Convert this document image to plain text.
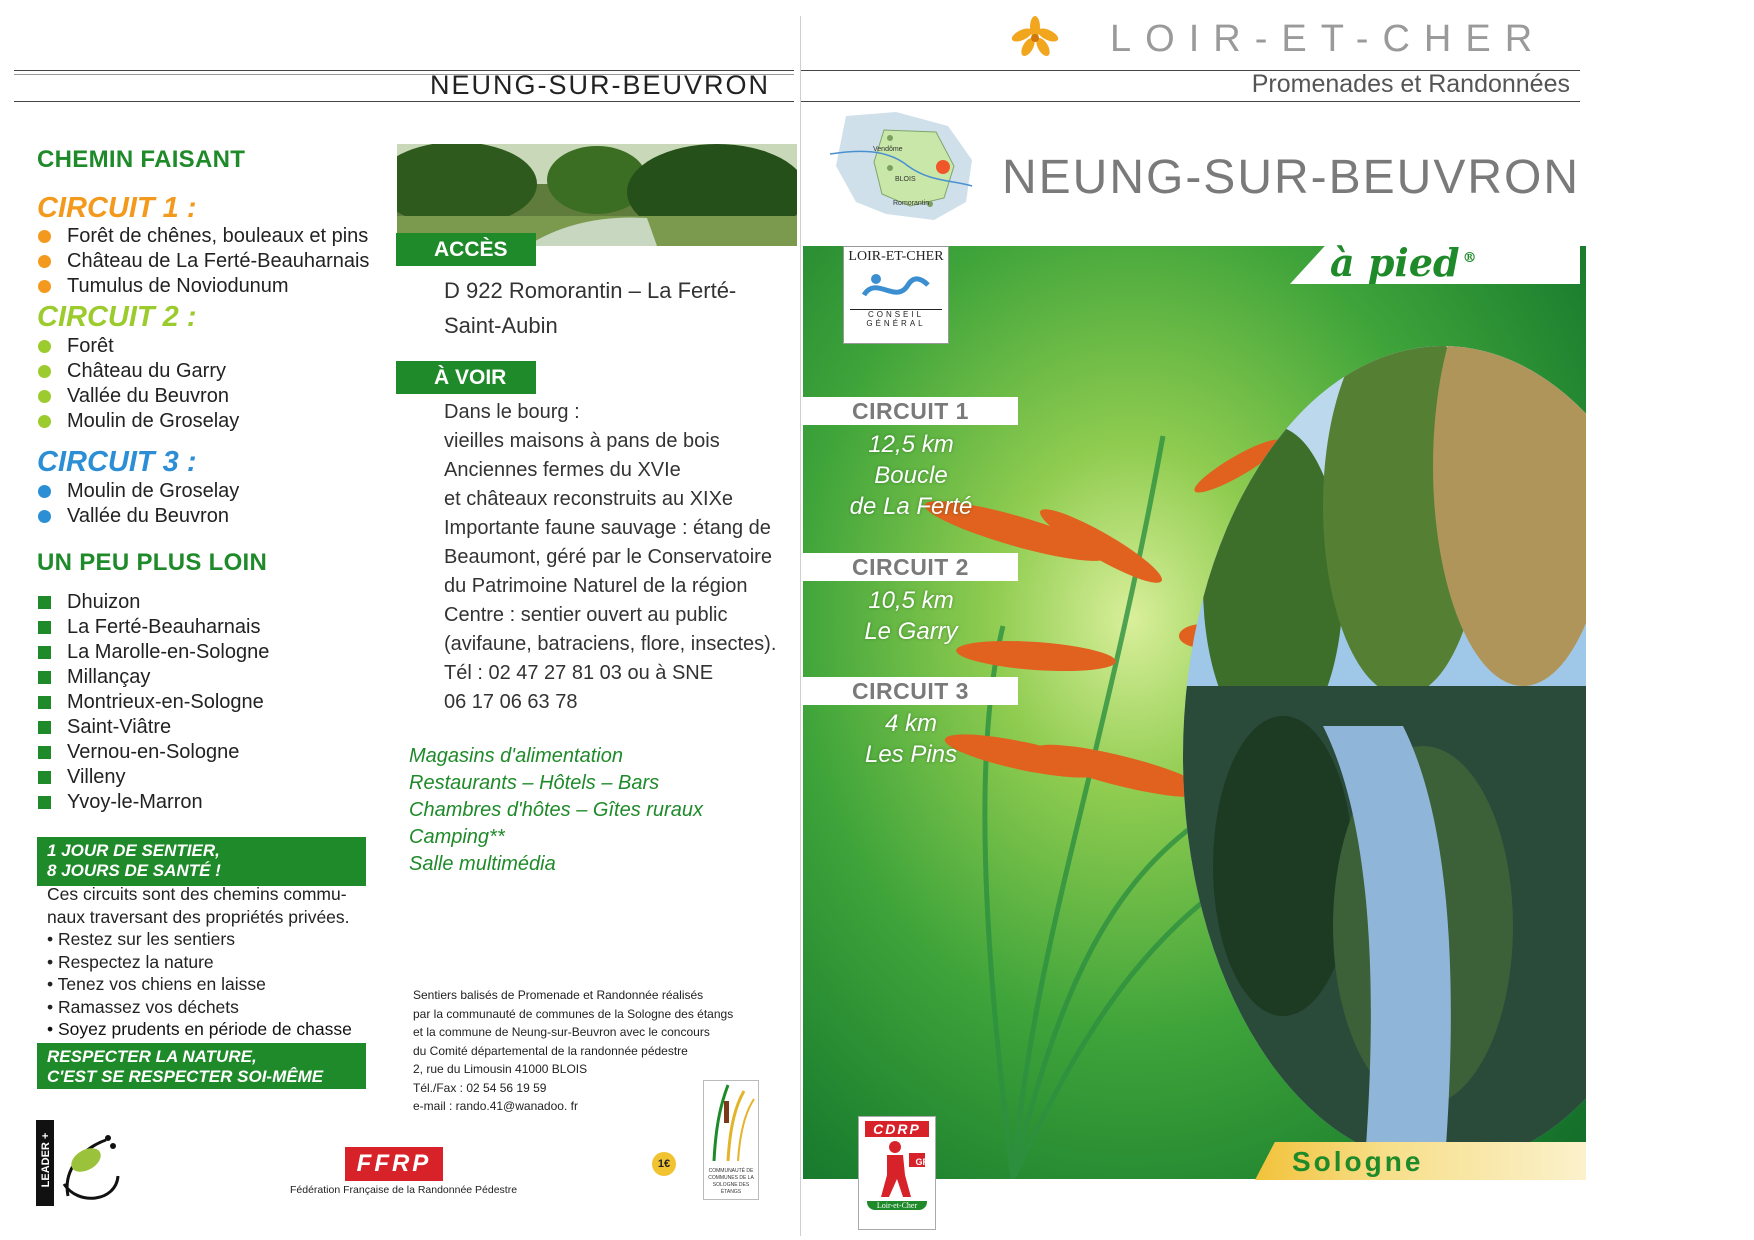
NEUNG-SUR-BEUVRON
LOIR-ET-CHER
Promenades et Randonnées
CHEMIN FAISANT
CIRCUIT 1 :
Forêt de chênes, bouleaux et pins
Château de La Ferté-Beauharnais
Tumulus de Noviodunum
CIRCUIT 2 :
Forêt
Château du Garry
Vallée du Beuvron
Moulin de Groselay
CIRCUIT 3 :
Moulin de Groselay
Vallée du Beuvron
UN PEU PLUS LOIN
Dhuizon
La Ferté-Beauharnais
La Marolle-en-Sologne
Millançay
Montrieux-en-Sologne
Saint-Viâtre
Vernou-en-Sologne
Villeny
Yvoy-le-Marron
1 JOUR DE SENTIER,
8 JOURS DE SANTÉ !
Ces circuits sont des chemins commu-
naux traversant des propriétés privées.
• Restez sur les sentiers
• Respectez la nature
• Tenez vos chiens en laisse
• Ramassez vos déchets
• Soyez prudents en période de chasse
RESPECTER LA NATURE,
C'EST SE RESPECTER SOI-MÊME
LEADER +	FFRP
Fédération Française de la Randonnée Pédestre
ACCÈS
D 922 Romorantin – La Ferté-
Saint-Aubin
À VOIR
Dans le bourg :
vieilles maisons à pans de bois
Anciennes fermes du XVIe
et châteaux reconstruits au XIXe
Importante faune sauvage : étang de
Beaumont, géré par le Conservatoire
du Patrimoine Naturel de la région
Centre : sentier ouvert au public
(avifaune, batraciens, flore, insectes).
Tél : 02 47 27 81 03 ou à SNE
06 17 06 63 78
Magasins d'alimentation
Restaurants – Hôtels – Bars
Chambres d'hôtes – Gîtes ruraux
Camping**
Salle multimédia
Sentiers balisés de Promenade et Randonnée réalisés
par la communauté de communes de la Sologne des étangs
et la commune de Neung-sur-Beuvron avec le concours
du Comité départemental de la randonnée pédestre
2, rue du Limousin 41000 BLOIS
Tél./Fax : 02 54 56 19 59
e-mail : rando.41@wanadoo. fr
1€
COMMUNAUTÉ DE COMMUNES DE LA SOLOGNE DES ÉTANGS
Vendôme
BLOIS
Romorantin NEUNG-SUR-BEUVRON
à pied ®
LOIR-ET-CHER
CONSEIL GÉNÉRAL
CIRCUIT 1
12,5 km
Boucle
de La Ferté
CIRCUIT 2
10,5 km
Le Garry
CIRCUIT 3
4 km
Les Pins
Sologne
CDRP
GR
Loir-et-Cher
